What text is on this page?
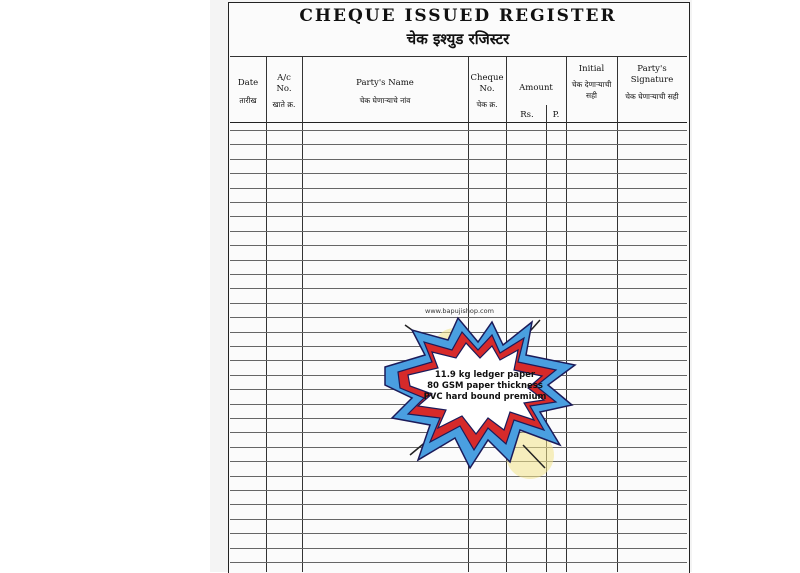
CHEQUE ISSUED REGISTER
चेक इश्युड रजिस्टर
Date
तारीख
A/c No.
खाते क्र.
Party's Name
चेक घेणाऱ्याचे नांव
Cheque No.
चेक क्र.
Amount
Rs.	P.
Initial
चेक देणाऱ्याची सही
Party's Signature
चेक घेणाऱ्याची सही
www.bapujishop.com
11.9 kg ledger paper
80 GSM paper thickness
PVC hard bound premium
